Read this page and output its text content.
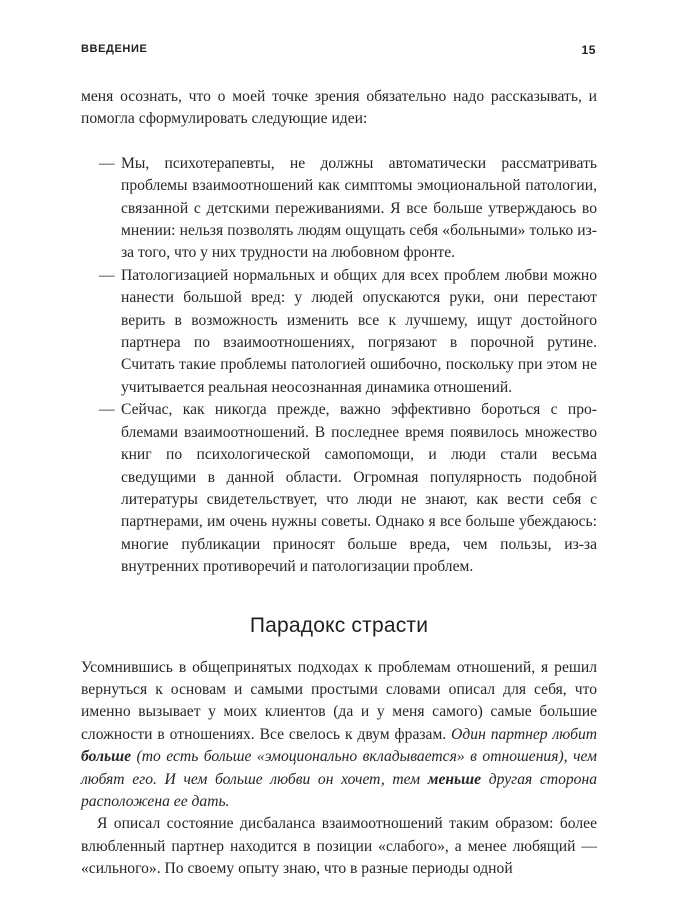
ВВЕДЕНИЕ	15

меня осознать, что о моей точке зрения обязательно надо рассказывать, и помогла сформулировать следующие идеи:

— Мы, психотерапевты, не должны автоматически рассматривать проблемы взаимоотношений как симптомы эмоциональной патологии, связанной с детскими переживаниями. Я все больше утверждаюсь во мнении: нельзя позволять людям ощущать себя «больными» только из-за того, что у них трудности на любовном фронте.
— Патологизацией нормальных и общих для всех проблем любви можно нанести большой вред: у людей опускаются руки, они перестают верить в возможность изменить все к лучшему, ищут достойного партнера по взаимоотношениях, погрязают в порочной рутине. Считать такие проблемы патологией ошибочно, поскольку при этом не учитывается реальная неосознанная динамика отношений.
— Сейчас, как никогда прежде, важно эффективно бороться с проблемами взаимоотношений. В последнее время появилось множество книг по психологической самопомощи, и люди стали весьма сведущими в данной области. Огромная популярность подобной литературы свидетельствует, что люди не знают, как вести себя с партнерами, им очень нужны советы. Однако я все больше убеждаюсь: многие публикации приносят больше вреда, чем пользы, из-за внутренних противоречий и патологизации проблем.
Парадокс страсти

Усомнившись в общепринятых подходах к проблемам отношений, я решил вернуться к основам и самыми простыми словами описал для себя, что именно вызывает у моих клиентов (да и у меня самого) самые большие сложности в отношениях. Все свелось к двум фразам. Один партнер любит больше (то есть больше «эмоционально вкладывается» в отношения), чем любят его. И чем больше любви он хочет, тем меньше другая сторона расположена ее дать.

Я описал состояние дисбаланса взаимоотношений таким образом: более влюбленный партнер находится в позиции «слабого», а менее любящий — «сильного». По своему опыту знаю, что в разные периоды одной
